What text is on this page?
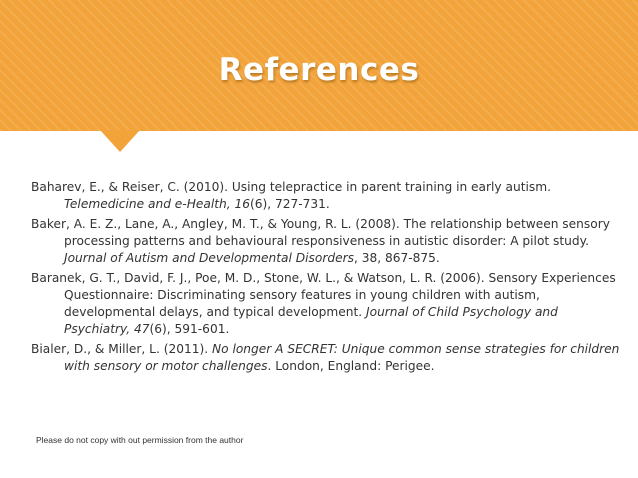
References

Baharev, E., & Reiser, C. (2010). Using telepractice in parent training in early autism. Telemedicine and e-Health, 16(6), 727-731.

Baker, A. E. Z., Lane, A., Angley, M. T., & Young, R. L. (2008). The relationship between sensory processing patterns and behavioural responsiveness in autistic disorder: A pilot study. Journal of Autism and Developmental Disorders, 38, 867-875.

Baranek, G. T., David, F. J., Poe, M. D., Stone, W. L., & Watson, L. R. (2006). Sensory Experiences Questionnaire: Discriminating sensory features in young children with autism, developmental delays, and typical development. Journal of Child Psychology and Psychiatry, 47(6), 591-601.

Bialer, D., & Miller, L. (2011). No longer A SECRET: Unique common sense strategies for children with sensory or motor challenges. London, England: Perigee.

Please do not copy with out permission from the author
